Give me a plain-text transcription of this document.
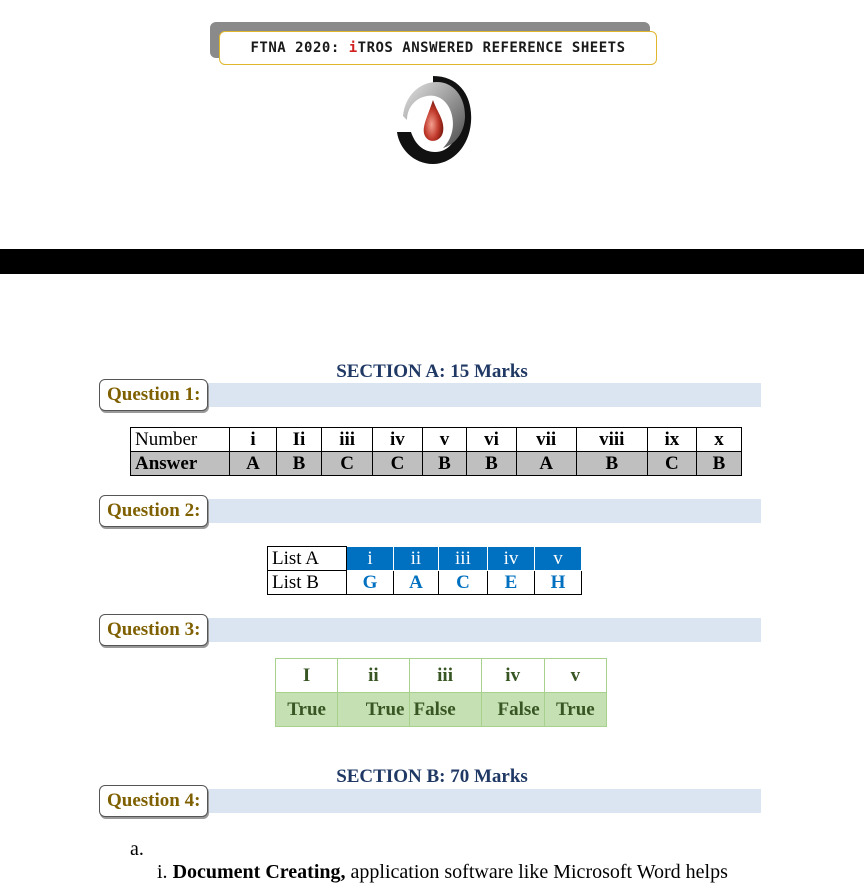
FTNA 2020: i TROS ANSWERED REFERENCE SHEETS
SECTION A: 15 Marks
Question 1:
Number	i	Ii	iii	iv	v	vi	vii	viii	ix	x
Answer	A	B	C	C	B	B	A	B	C	B
Question 2:
List A	i	ii	iii	iv	v
List B	G	A	C	E	H
Question 3:
I	ii	iii	iv	v
True	True	False	False	True
SECTION B: 70 Marks
Question 4:
a.
i. Document Creating, application software like Microsoft Word helps
